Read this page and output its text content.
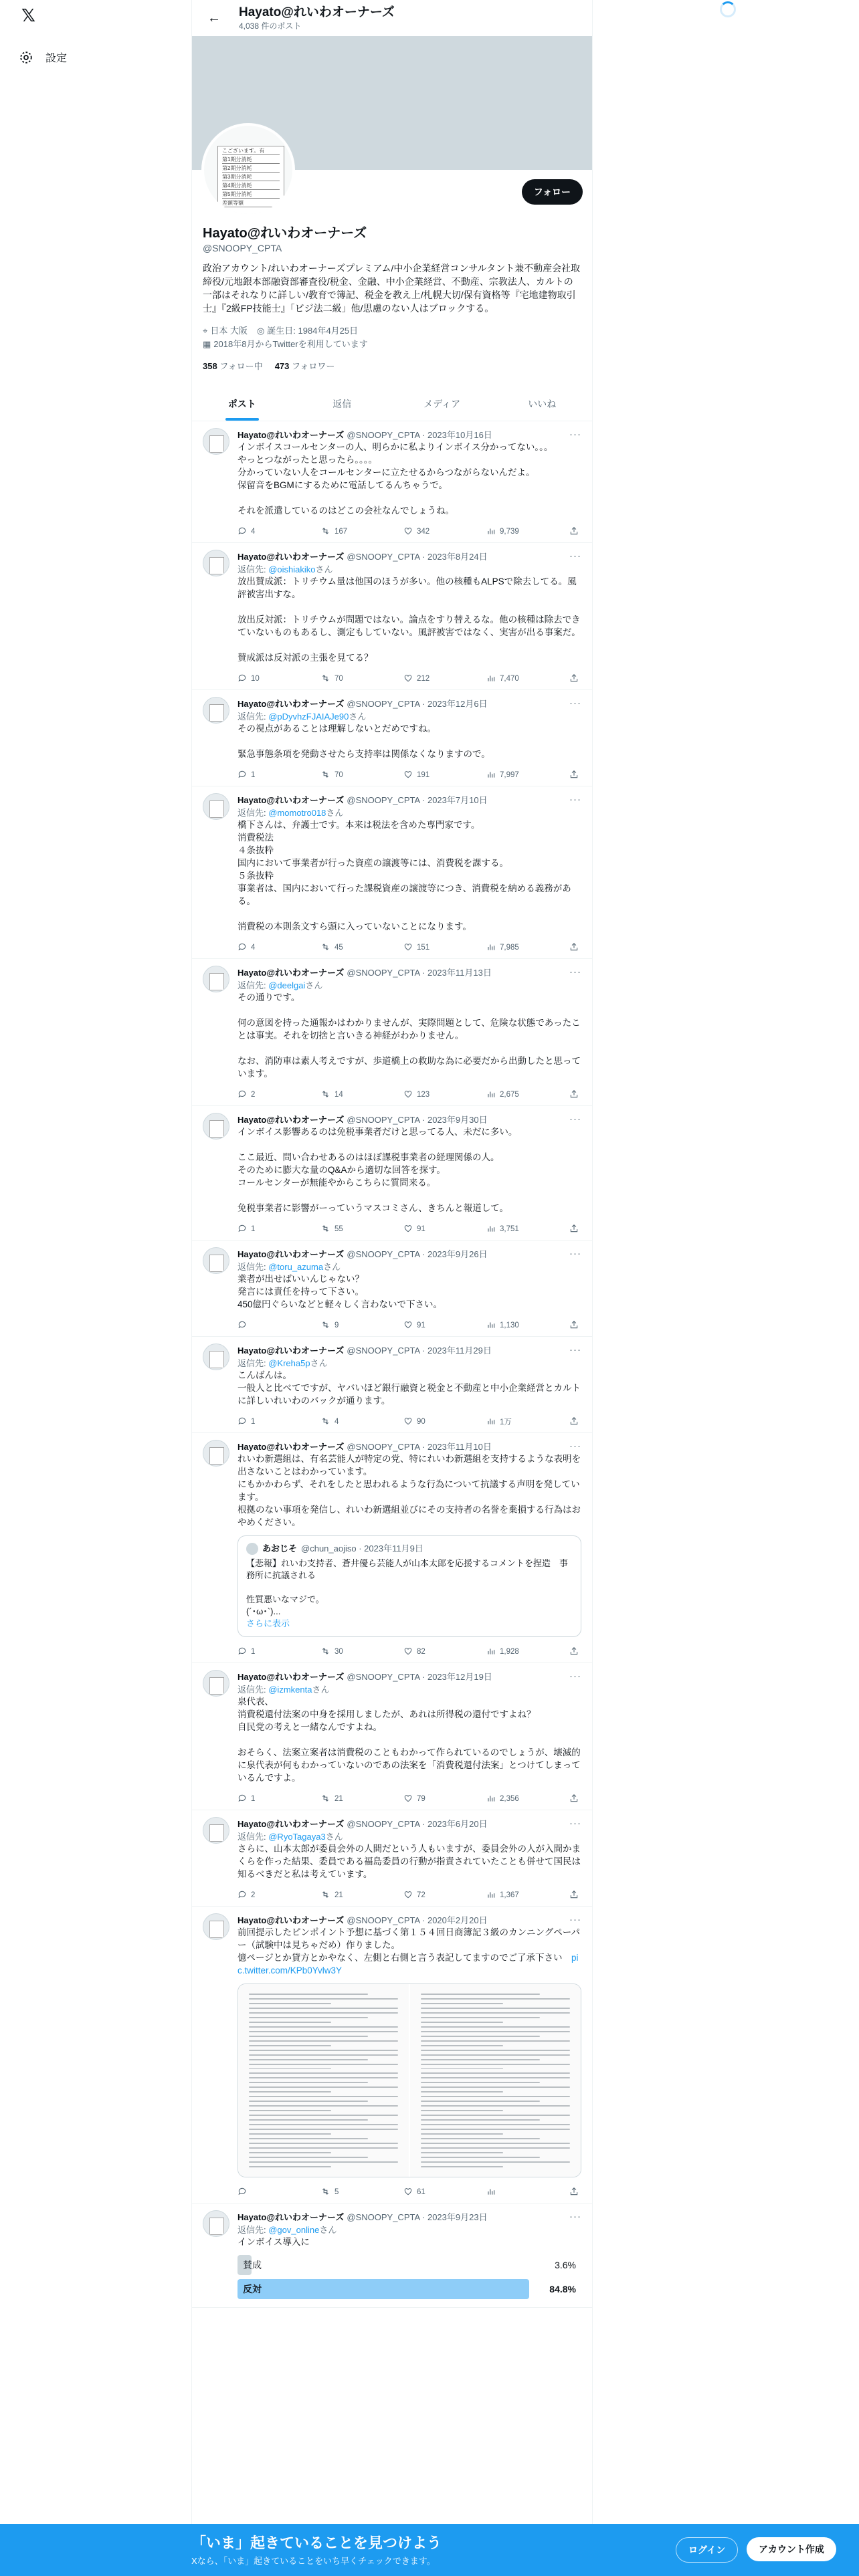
𝕏
設定
←	Hayato@れいわオーナーズ
4,038 件のポスト
こございます。有
第1期分消耗
第2期分消耗
第3期分消耗
第4期分消耗
第5期分消耗
差額等額
フォロー
Hayato@れいわオーナーズ
@SNOOPY_CPTA
政治アカウント/れいわオーナーズプレミアム/中小企業経営コンサルタント兼不動産会社取締役/元地銀本部融資部審査役/税金、金融、中小企業経営、不動産、宗教法人、カルトの一部はそれなりに詳しい/教育で簿記、税金を教え上/札幌大切/保有資格等『宅地建物取引士』『2級FP技能士』「ビジ法二級」他/思慮のない人はブロックする。
⌖ 日本 大阪 ◎ 誕生日: 1984年4月25日
▦ 2018年8月からTwitterを利用しています
358 フォロー中 473 フォロワー
ポスト	返信	メディア	いいね
Hayato@れいわオーナーズ @SNOOPY_CPTA · 2023年10月16日	···
インボイスコールセンターの人、明らかに私よりインボイス分かってない。。。
やっとつながったと思ったら。。。。
分かっていない人をコールセンターに立たせるからつながらないんだよ。
保留音をBGMにするために電話してるんちゃうで。

それを派遣しているのはどこの会社なんでしょうね。
4	167	342	9,739
Hayato@れいわオーナーズ @SNOOPY_CPTA · 2023年8月24日	···
返信先: @oishiakikoさん
放出賛成派：トリチウム量は他国のほうが多い。他の核種もALPSで除去してる。風評被害出すな。

放出反対派：トリチウムが問題ではない。論点をすり替えるな。他の核種は除去できていないものもあるし、測定もしていない。風評被害ではなく、実害が出る事案だ。

賛成派は反対派の主張を見てる？
10	70	212	7,470
Hayato@れいわオーナーズ @SNOOPY_CPTA · 2023年12月6日	···
返信先: @pDyvhzFJAIAJe90さん
その視点があることは理解しないとだめですね。

緊急事態条項を発動させたら支持率は関係なくなりますので。
1	70	191	7,997
Hayato@れいわオーナーズ @SNOOPY_CPTA · 2023年7月10日	···
返信先: @momotro018さん
橋下さんは、弁護士です。本来は税法を含めた専門家です。
消費税法
４条抜粋
国内において事業者が行った資産の譲渡等には、消費税を課する。
５条抜粋
事業者は、国内において行った課税資産の譲渡等につき、消費税を納める義務がある。

消費税の本則条文すら頭に入っていないことになります。
4	45	151	7,985
Hayato@れいわオーナーズ @SNOOPY_CPTA · 2023年11月13日	···
返信先: @deelgaiさん
その通りです。

何の意図を持った通報かはわかりませんが、実際問題として、危険な状態であったことは事実。それを切捨と言いきる神経がわかりません。

なお、消防車は素人考えですが、歩道橋上の救助な為に必要だから出動したと思っています。
2	14	123	2,675
Hayato@れいわオーナーズ @SNOOPY_CPTA · 2023年9月30日	···
インボイス影響あるのは免税事業者だけと思ってる人、未だに多い。

ここ最近、問い合わせあるのはほぼ課税事業者の経理関係の人。
そのために膨大な量のQ&Aから適切な回答を探す。
コールセンターが無能やからこちらに質問来る。

免税事業者に影響がーっていうマスコミさん、きちんと報道して。
1	55	91	3,751
Hayato@れいわオーナーズ @SNOOPY_CPTA · 2023年9月26日	···
返信先: @toru_azumaさん
業者が出せばいいんじゃない？
発言には責任を持って下さい。
450億円ぐらいなどと軽々しく言わないで下さい。
9	91	1,130
Hayato@れいわオーナーズ @SNOOPY_CPTA · 2023年11月29日	···
返信先: @Kreha5pさん
こんばんは。
一般人と比べてですが、ヤバいほど銀行融資と税金と不動産と中小企業経営とカルトに詳しいれいわのバックが通ります。
1	4	90	1万
Hayato@れいわオーナーズ @SNOOPY_CPTA · 2023年11月10日	···
れいわ新選組は、有名芸能人が特定の党、特にれいわ新選組を支持するような表明を出さないことはわかっています。
にもかかわらず、それをしたと思われるような行為について抗議する声明を発しています。
根拠のない事項を発信し、れいわ新選組並びにその支持者の名誉を棄損する行為はおやめください。
あおじそ @chun_aojiso · 2023年11月9日
【悲報】れいわ支持者、蒼井優ら芸能人が山本太郎を応援するコメントを捏造　事務所に抗議される

性質悪いなマジで。
(´･ω･`)...
さらに表示
1	30	82	1,928
Hayato@れいわオーナーズ @SNOOPY_CPTA · 2023年12月19日	···
返信先: @izmkentaさん
泉代表、
消費税還付法案の中身を採用しましたが、あれは所得税の還付ですよね？
自民党の考えと一緒なんですよね。

おそらく、法案立案者は消費税のこともわかって作られているのでしょうが、壊滅的に泉代表が何もわかっていないのであの法案を「消費税還付法案」とつけてしまっているんですよ。
1	21	79	2,356
Hayato@れいわオーナーズ @SNOOPY_CPTA · 2023年6月20日	···
返信先: @RyoTagaya3さん
さらに、山本太郎が委員会外の人間だという人もいますが、委員会外の人が入間かまくらを作った結果、委員である福島委員の行動が指責されていたことも併せて国民は知るべきだと私は考えています。
2	21	72	1,367
Hayato@れいわオーナーズ @SNOOPY_CPTA · 2020年2月20日	···
前回提示したピンポイント予想に基づく第１５４回日商簿記３級のカンニングペーパー（試験中は見ちゃだめ）作りました。
億ページとか貸方とかやなく、左側と右側と言う表記してますのでご了承下さい　pic.twitter.com/KPb0Yvlw3Y
5	61
Hayato@れいわオーナーズ @SNOOPY_CPTA · 2023年9月23日	···
返信先: @gov_onlineさん
インボイス導入に
賛成	3.6%
反対	84.8%
「いま」起きていることを見つけよう
Xなら、「いま」起きていることをいち早くチェックできます。
ログイン	アカウント作成
